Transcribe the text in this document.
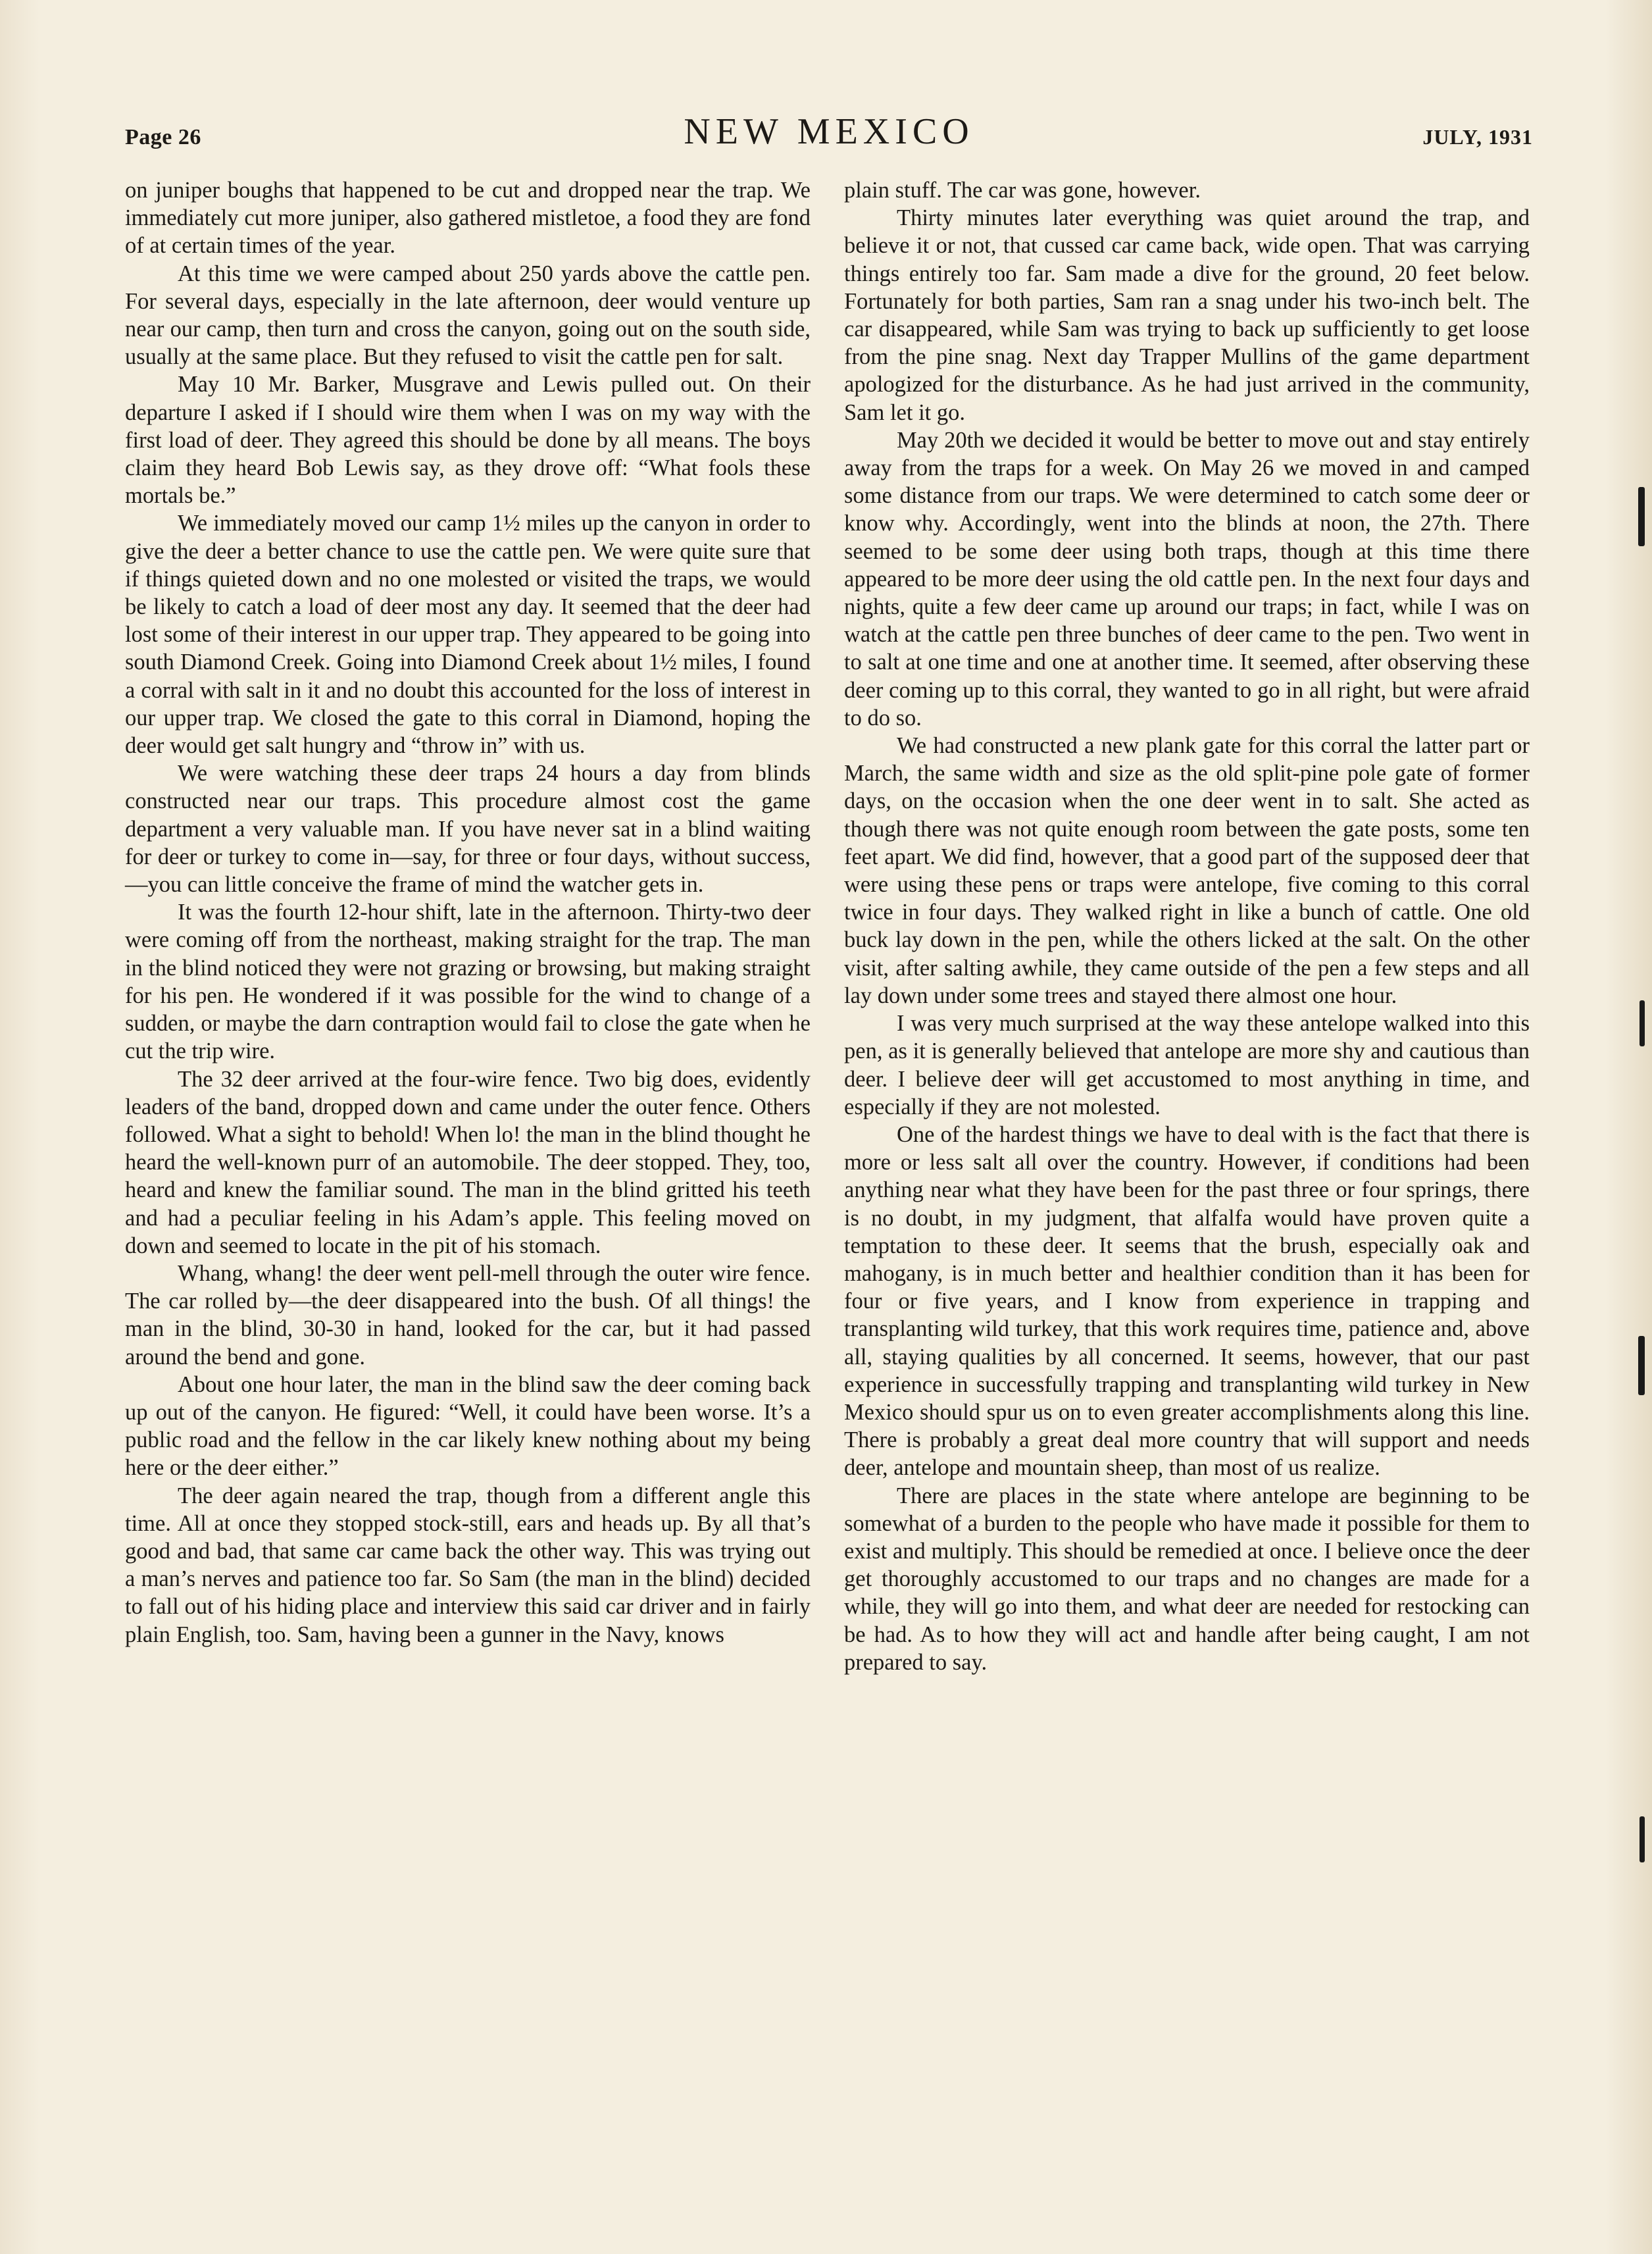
Page 26	NEW MEXICO	JULY, 1931

on juniper boughs that happened to be cut and dropped near the trap. We immediately cut more juniper, also gathered mistletoe, a food they are fond of at certain times of the year.

At this time we were camped about 250 yards above the cattle pen. For several days, especially in the late afternoon, deer would venture up near our camp, then turn and cross the canyon, going out on the south side, usually at the same place. But they refused to visit the cattle pen for salt.

May 10 Mr. Barker, Musgrave and Lewis pulled out. On their departure I asked if I should wire them when I was on my way with the first load of deer. They agreed this should be done by all means. The boys claim they heard Bob Lewis say, as they drove off: “What fools these mortals be.”

We immediately moved our camp 1½ miles up the canyon in order to give the deer a better chance to use the cattle pen. We were quite sure that if things quieted down and no one molested or visited the traps, we would be likely to catch a load of deer most any day. It seemed that the deer had lost some of their interest in our upper trap. They appeared to be going into south Diamond Creek. Going into Diamond Creek about 1½ miles, I found a corral with salt in it and no doubt this accounted for the loss of interest in our upper trap. We closed the gate to this corral in Diamond, hoping the deer would get salt hungry and “throw in” with us.

We were watching these deer traps 24 hours a day from blinds constructed near our traps. This procedure almost cost the game department a very valuable man. If you have never sat in a blind waiting for deer or turkey to come in—say, for three or four days, without success,—you can little conceive the frame of mind the watcher gets in.

It was the fourth 12-hour shift, late in the afternoon. Thirty-two deer were coming off from the northeast, making straight for the trap. The man in the blind noticed they were not grazing or browsing, but making straight for his pen. He wondered if it was possible for the wind to change of a sudden, or maybe the darn contraption would fail to close the gate when he cut the trip wire.

The 32 deer arrived at the four-wire fence. Two big does, evidently leaders of the band, dropped down and came under the outer fence. Others followed. What a sight to behold! When lo! the man in the blind thought he heard the well-known purr of an automobile. The deer stopped. They, too, heard and knew the familiar sound. The man in the blind gritted his teeth and had a peculiar feeling in his Adam’s apple. This feeling moved on down and seemed to locate in the pit of his stomach.

Whang, whang! the deer went pell-mell through the outer wire fence. The car rolled by—the deer disappeared into the bush. Of all things! the man in the blind, 30-30 in hand, looked for the car, but it had passed around the bend and gone.

About one hour later, the man in the blind saw the deer coming back up out of the canyon. He figured: “Well, it could have been worse. It’s a public road and the fellow in the car likely knew nothing about my being here or the deer either.”

The deer again neared the trap, though from a different angle this time. All at once they stopped stock-still, ears and heads up. By all that’s good and bad, that same car came back the other way. This was trying out a man’s nerves and patience too far. So Sam (the man in the blind) decided to fall out of his hiding place and interview this said car driver and in fairly plain English, too. Sam, having been a gunner in the Navy, knows

plain stuff. The car was gone, however.

Thirty minutes later everything was quiet around the trap, and believe it or not, that cussed car came back, wide open. That was carrying things entirely too far. Sam made a dive for the ground, 20 feet below. Fortunately for both parties, Sam ran a snag under his two-inch belt. The car disappeared, while Sam was trying to back up sufficiently to get loose from the pine snag. Next day Trapper Mullins of the game department apologized for the disturbance. As he had just arrived in the community, Sam let it go.

May 20th we decided it would be better to move out and stay entirely away from the traps for a week. On May 26 we moved in and camped some distance from our traps. We were determined to catch some deer or know why. Accordingly, went into the blinds at noon, the 27th. There seemed to be some deer using both traps, though at this time there appeared to be more deer using the old cattle pen. In the next four days and nights, quite a few deer came up around our traps; in fact, while I was on watch at the cattle pen three bunches of deer came to the pen. Two went in to salt at one time and one at another time. It seemed, after observing these deer coming up to this corral, they wanted to go in all right, but were afraid to do so.

We had constructed a new plank gate for this corral the latter part or March, the same width and size as the old split-pine pole gate of former days, on the occasion when the one deer went in to salt. She acted as though there was not quite enough room between the gate posts, some ten feet apart. We did find, however, that a good part of the supposed deer that were using these pens or traps were antelope, five coming to this corral twice in four days. They walked right in like a bunch of cattle. One old buck lay down in the pen, while the others licked at the salt. On the other visit, after salting awhile, they came outside of the pen a few steps and all lay down under some trees and stayed there almost one hour.

I was very much surprised at the way these antelope walked into this pen, as it is generally believed that antelope are more shy and cautious than deer. I believe deer will get accustomed to most anything in time, and especially if they are not molested.

One of the hardest things we have to deal with is the fact that there is more or less salt all over the country. However, if conditions had been anything near what they have been for the past three or four springs, there is no doubt, in my judgment, that alfalfa would have proven quite a temptation to these deer. It seems that the brush, especially oak and mahogany, is in much better and healthier condition than it has been for four or five years, and I know from experience in trapping and transplanting wild turkey, that this work requires time, patience and, above all, staying qualities by all concerned. It seems, however, that our past experience in successfully trapping and transplanting wild turkey in New Mexico should spur us on to even greater accomplishments along this line. There is probably a great deal more country that will support and needs deer, antelope and mountain sheep, than most of us realize.

There are places in the state where antelope are beginning to be somewhat of a burden to the people who have made it possible for them to exist and multiply. This should be remedied at once. I believe once the deer get thoroughly accustomed to our traps and no changes are made for a while, they will go into them, and what deer are needed for restocking can be had. As to how they will act and handle after being caught, I am not prepared to say.
